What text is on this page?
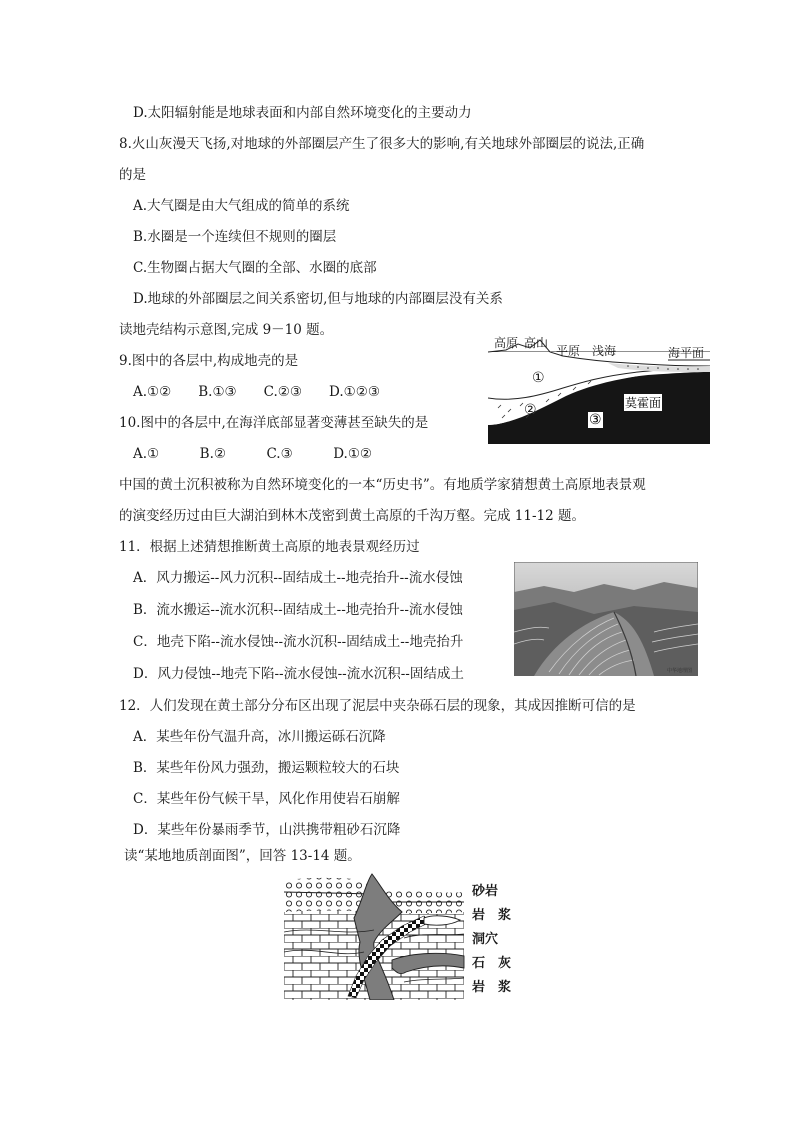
D.太阳辐射能是地球表面和内部自然环境变化的主要动力
8.火山灰漫天飞扬,对地球的外部圈层产生了很多大的影响,有关地球外部圈层的说法,正确
的是
A.大气圈是由大气组成的简单的系统
B.水圈是一个连续但不规则的圈层
C.生物圈占据大气圈的全部、水圈的底部
D.地球的外部圈层之间关系密切,但与地球的内部圈层没有关系
读地壳结构示意图,完成 9－10 题。
9.图中的各层中,构成地壳的是
A.①②　　B.①③　　C.②③　　D.①②③
10.图中的各层中,在海洋底部显著变薄甚至缺失的是
A.①　　　B.②　　　C.③　　　D.①②
中国的黄土沉积被称为自然环境变化的一本“历史书”。有地质学家猜想黄土高原地表景观
的演变经历过由巨大湖泊到林木茂密到黄土高原的千沟万壑。完成 11-12 题。
11．根据上述猜想推断黄土高原的地表景观经历过
A．风力搬运--风力沉积--固结成土--地壳抬升--流水侵蚀
B．流水搬运--流水沉积--固结成土--地壳抬升--流水侵蚀
C．地壳下陷--流水侵蚀--流水沉积--固结成土--地壳抬升
D．风力侵蚀--地壳下陷--流水侵蚀--流水沉积--固结成土
12．人们发现在黄土部分分布区出现了泥层中夹杂砾石层的现象，其成因推断可信的是
A．某些年份气温升高，冰川搬运砾石沉降
B．某些年份风力强劲，搬运颗粒较大的石块
C．某些年份气候干旱，风化作用使岩石崩解
D．某些年份暴雨季节，山洪携带粗砂石沉降
读“某地地质剖面图”，回答 13-14 题。
高原 高山
平原 浅海	海平面
莫霍面
①
②
③
中华地理图
砂岩
岩　浆
洞穴
石　灰
岩　浆
